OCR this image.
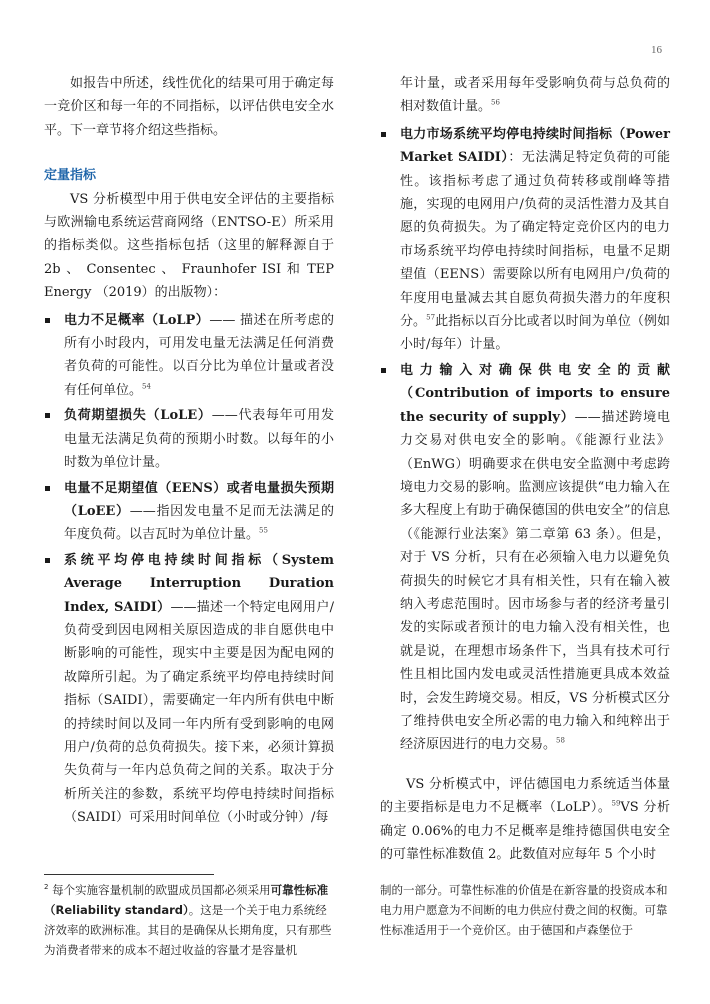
16

如报告中所述，线性优化的结果可用于确定每一竞价区和每一年的不同指标，以评估供电安全水平。下一章节将介绍这些指标。

定量指标

VS 分析模型中用于供电安全评估的主要指标与欧洲输电系统运营商网络（ENTSO-E）所采用的指标类似。这些指标包括（这里的解释源自于 2b 、 Consentec 、 Fraunhofer ISI 和 TEP Energy （2019）的出版物）：

电力不足概率（LoLP）—— 描述在所考虑的所有小时段内，可用发电量无法满足任何消费者负荷的可能性。以百分比为单位计量或者没有任何单位。$^{54}$
负荷期望损失（LoLE）——代表每年可用发电量无法满足负荷的预期小时数。以每年的小时数为单位计量。
电量不足期望值（EENS）或者电量损失预期（LoEE）——指因发电量不足而无法满足的年度负荷。以吉瓦时为单位计量。$^{55}$
系统平均停电持续时间指标（System Average Interruption Duration Index, SAIDI）——描述一个特定电网用户/负荷受到因电网相关原因造成的非自愿供电中断影响的可能性，现实中主要是因为配电网的故障所引起。为了确定系统平均停电持续时间指标（SAIDI），需要确定一年内所有供电中断的持续时间以及同一年内所有受到影响的电网用户/负荷的总负荷损失。接下来，必须计算损失负荷与一年内总负荷之间的关系。取决于分析所关注的参数，系统平均停电持续时间指标（SAIDI）可采用时间单位（小时或分钟）/每

年计量，或者采用每年受影响负荷与总负荷的相对数值计量。$^{56}$

电力市场系统平均停电持续时间指标（Power Market SAIDI）：无法满足特定负荷的可能性。该指标考虑了通过负荷转移或削峰等措施，实现的电网用户/负荷的灵活性潜力及其自愿的负荷损失。为了确定特定竞价区内的电力市场系统平均停电持续时间指标，电量不足期望值（EENS）需要除以所有电网用户/负荷的年度用电量减去其自愿负荷损失潜力的年度积分。$^{57}$此指标以百分比或者以时间为单位（例如小时/每年）计量。
电力输入对确保供电安全的贡献（Contribution of imports to ensure the security of supply）——描述跨境电力交易对供电安全的影响。《能源行业法》（EnWG）明确要求在供电安全监测中考虑跨境电力交易的影响。监测应该提供“电力输入在多大程度上有助于确保德国的供电安全”的信息（《能源行业法案》第二章第 63 条）。但是，对于 VS 分析，只有在必须输入电力以避免负荷损失的时候它才具有相关性，只有在输入被纳入考虑范围时。因市场参与者的经济考量引发的实际或者预计的电力输入没有相关性，也就是说，在理想市场条件下，当具有技术可行性且相比国内发电或灵活性措施更具成本效益时，会发生跨境交易。相反，VS 分析模式区分了维持供电安全所必需的电力输入和纯粹出于经济原因进行的电力交易。$^{58}$

VS 分析模式中，评估德国电力系统适当体量的主要指标是电力不足概率（LoLP）。$^{59}$VS 分析确定 0.06%的电力不足概率是维持德国供电安全的可靠性标准数值 2。此数值对应每年 5 个小时

$^2$ 每个实施容量机制的欧盟成员国都必须采用可靠性标准（Reliability standard）。这是一个关于电力系统经济效率的欧洲标准。其目的是确保从长期角度，只有那些为消费者带来的成本不超过收益的容量才是容量机
制的一部分。可靠性标准的价值是在新容量的投资成本和电力用户愿意为不间断的电力供应付费之间的权衡。可靠性标准适用于一个竞价区。由于德国和卢森堡位于
